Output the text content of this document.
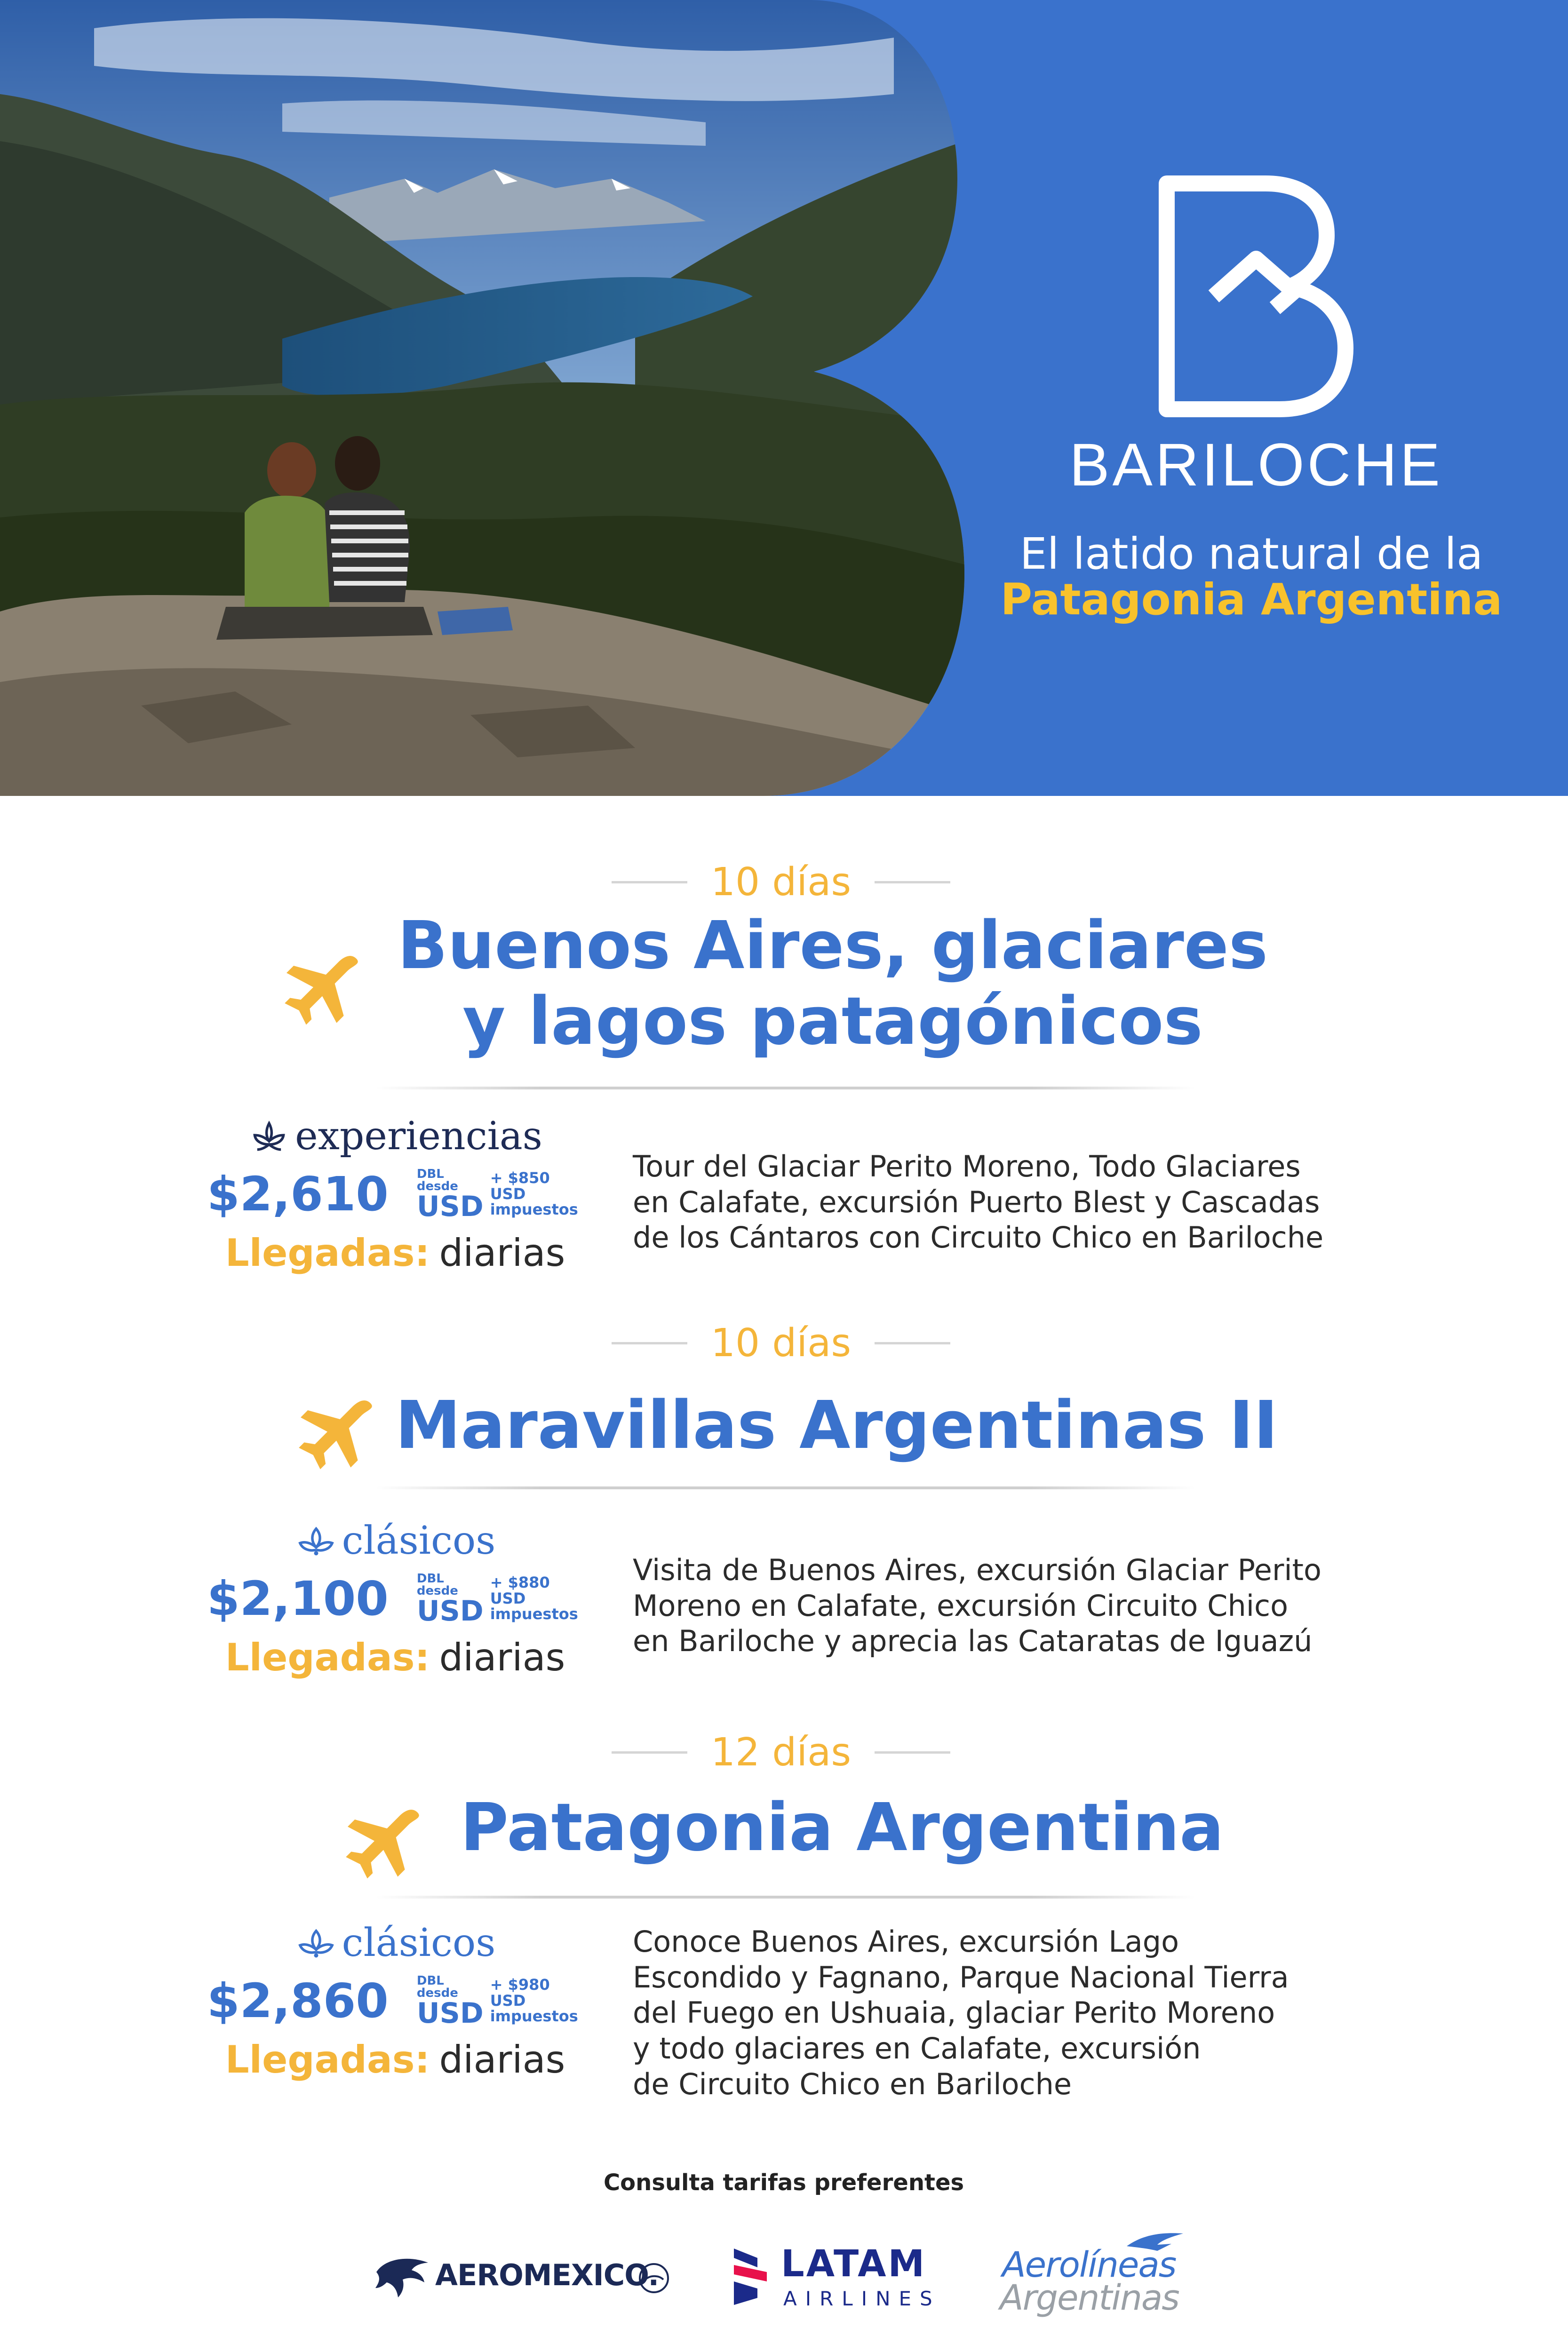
BARILOCHE
El latido natural de la
Patagonia Argentina
10 días
Buenos Aires, glaciares
y lagos patagónicos
experiencias
$2,610 DBL desde
USD
+ $850 USD
impuestos
Llegadas: diarias
Tour del Glaciar Perito Moreno, Todo Glaciares
en Calafate, excursión Puerto Blest y Cascadas
de los Cántaros con Circuito Chico en Bariloche
10 días
Maravillas Argentinas II
clásicos
$2,100 DBL desde
USD
+ $880 USD
impuestos
Llegadas: diarias
Visita de Buenos Aires, excursión Glaciar Perito
Moreno en Calafate, excursión Circuito Chico
en Bariloche y aprecia las Cataratas de Iguazú
12 días
Patagonia Argentina
clásicos
$2,860 DBL desde
USD
+ $980 USD
impuestos
Llegadas: diarias
Conoce Buenos Aires, excursión Lago
Escondido y Fagnano, Parque Nacional Tierra
del Fuego en Ushuaia, glaciar Perito Moreno
y todo glaciares en Calafate, excursión
de Circuito Chico en Bariloche
Consulta tarifas preferentes
AEROMEXICO.	LATAM
AIRLINES
Aerolíneas
Argentinas
